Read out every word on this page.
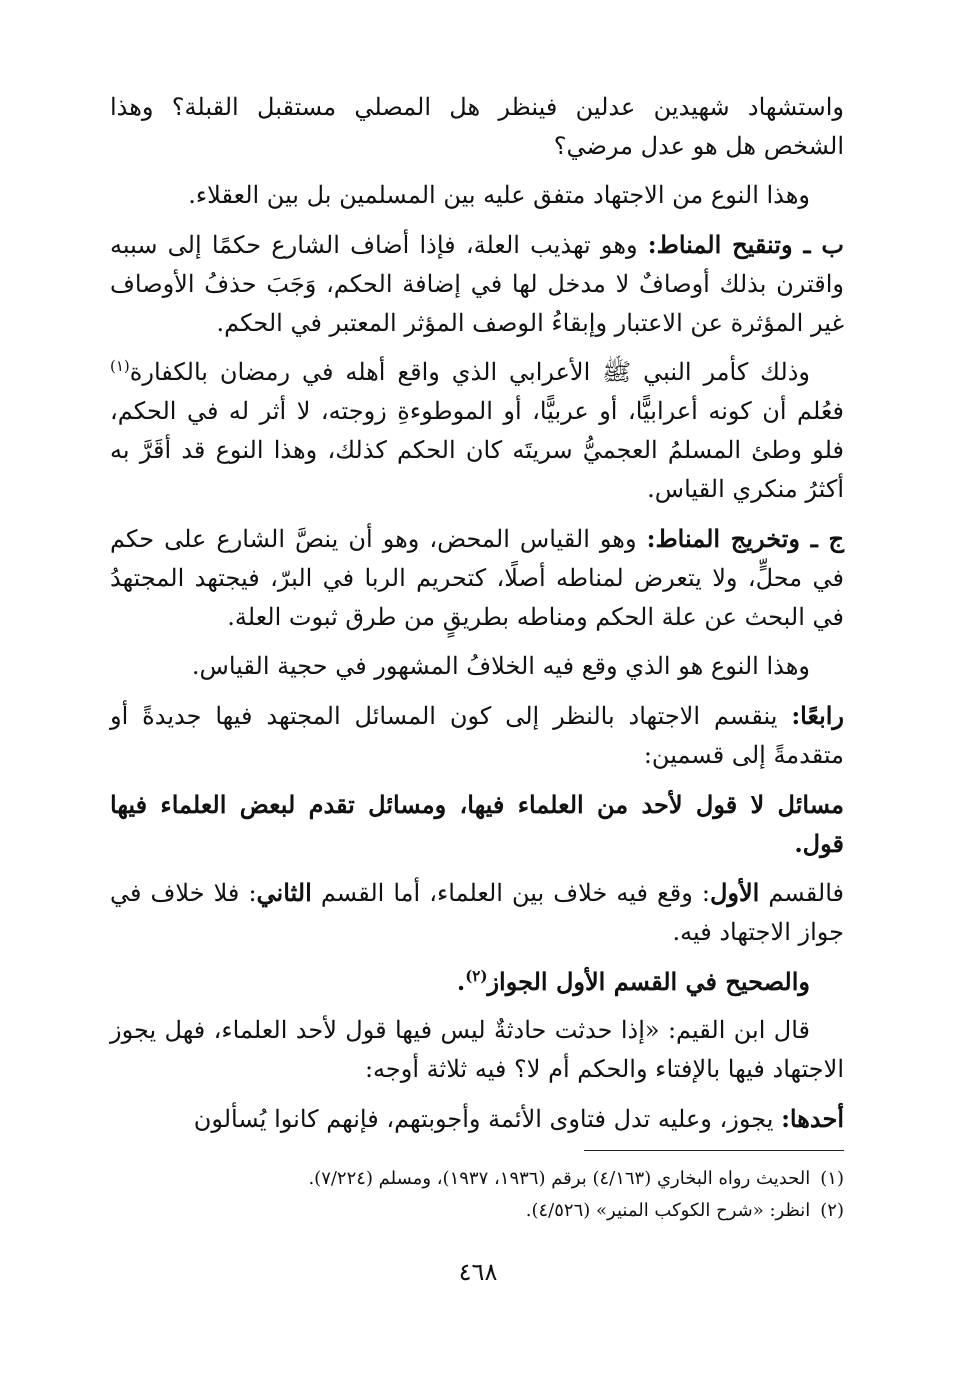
واستشهاد شهيدين عدلين فينظر هل المصلي مستقبل القبلة؟ وهذا الشخص هل هو عدل مرضي؟

وهذا النوع من الاجتهاد متفق عليه بين المسلمين بل بين العقلاء.

ب ـ وتنقيح المناط: وهو تهذيب العلة، فإذا أضاف الشارع حكمًا إلى سببه واقترن بذلك أوصافٌ لا مدخل لها في إضافة الحكم، وَجَبَ حذفُ الأوصاف غير المؤثرة عن الاعتبار وإبقاءُ الوصف المؤثر المعتبر في الحكم.

وذلك كأمر النبي ﷺ الأعرابي الذي واقع أهله في رمضان بالكفارة$^{(١)}$ فعُلم أن كونه أعرابيًّا، أو عربيًّا، أو الموطوءةِ زوجته، لا أثر له في الحكم، فلو وطئ المسلمُ العجميُّ سريتَه كان الحكم كذلك، وهذا النوع قد أقَرَّ به أكثرُ منكري القياس.

ج ـ وتخريج المناط: وهو القياس المحض، وهو أن ينصَّ الشارع على حكم في محلٍّ، ولا يتعرض لمناطه أصلًا، كتحريم الربا في البرّ، فيجتهد المجتهدُ في البحث عن علة الحكم ومناطه بطريقٍ من طرق ثبوت العلة.

وهذا النوع هو الذي وقع فيه الخلافُ المشهور في حجية القياس.

رابعًا: ينقسم الاجتهاد بالنظر إلى كون المسائل المجتهد فيها جديدةً أو متقدمةً إلى قسمين:

مسائل لا قول لأحد من العلماء فيها، ومسائل تقدم لبعض العلماء فيها قول.

فالقسم الأول: وقع فيه خلاف بين العلماء، أما القسم الثاني: فلا خلاف في جواز الاجتهاد فيه.

والصحيح في القسم الأول الجواز$^{(٢)}$.

قال ابن القيم: «إذا حدثت حادثةٌ ليس فيها قول لأحد العلماء، فهل يجوز الاجتهاد فيها بالإفتاء والحكم أم لا؟ فيه ثلاثة أوجه:

أحدها: يجوز، وعليه تدل فتاوى الأئمة وأجوبتهم، فإنهم كانوا يُسألون

(١)الحديث رواه البخاري (٤/١٦٣) برقم (١٩٣٦، ١٩٣٧)، ومسلم (٧/٢٢٤).
(٢)انظر: «شرح الكوكب المنير» (٤/٥٢٦).
٤٦٨
